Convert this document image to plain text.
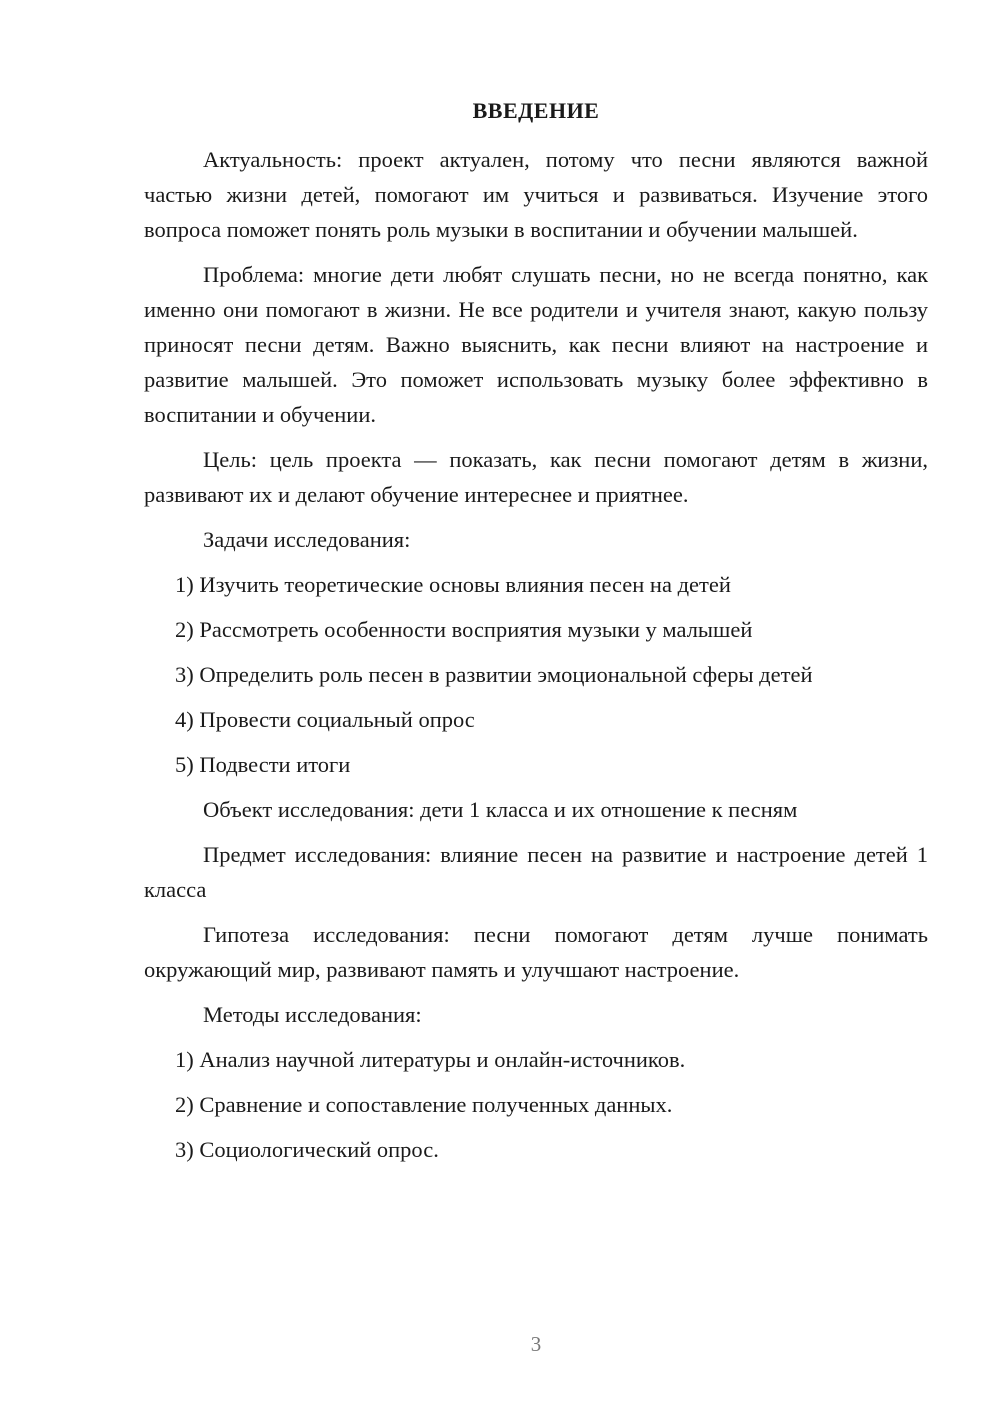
ВВЕДЕНИЕ

Актуальность: проект актуален, потому что песни являются важной частью жизни детей, помогают им учиться и развиваться. Изучение этого вопроса поможет понять роль музыки в воспитании и обучении малышей.

Проблема: многие дети любят слушать песни, но не всегда понятно, как именно они помогают в жизни. Не все родители и учителя знают, какую пользу приносят песни детям. Важно выяснить, как песни влияют на настроение и развитие малышей. Это поможет использовать музыку более эффективно в воспитании и обучении.

Цель: цель проекта — показать, как песни помогают детям в жизни, развивают их и делают обучение интереснее и приятнее.

Задачи исследования:

1) Изучить теоретические основы влияния песен на детей

2) Рассмотреть особенности восприятия музыки у малышей

3) Определить роль песен в развитии эмоциональной сферы детей

4) Провести социальный опрос

5) Подвести итоги

Объект исследования: дети 1 класса и их отношение к песням

Предмет исследования: влияние песен на развитие и настроение детей 1 класса

Гипотеза исследования: песни помогают детям лучше понимать окружающий мир, развивают память и улучшают настроение.

Методы исследования:

1) Анализ научной литературы и онлайн-источников.

2) Сравнение и сопоставление полученных данных.

3) Социологический опрос.

3
